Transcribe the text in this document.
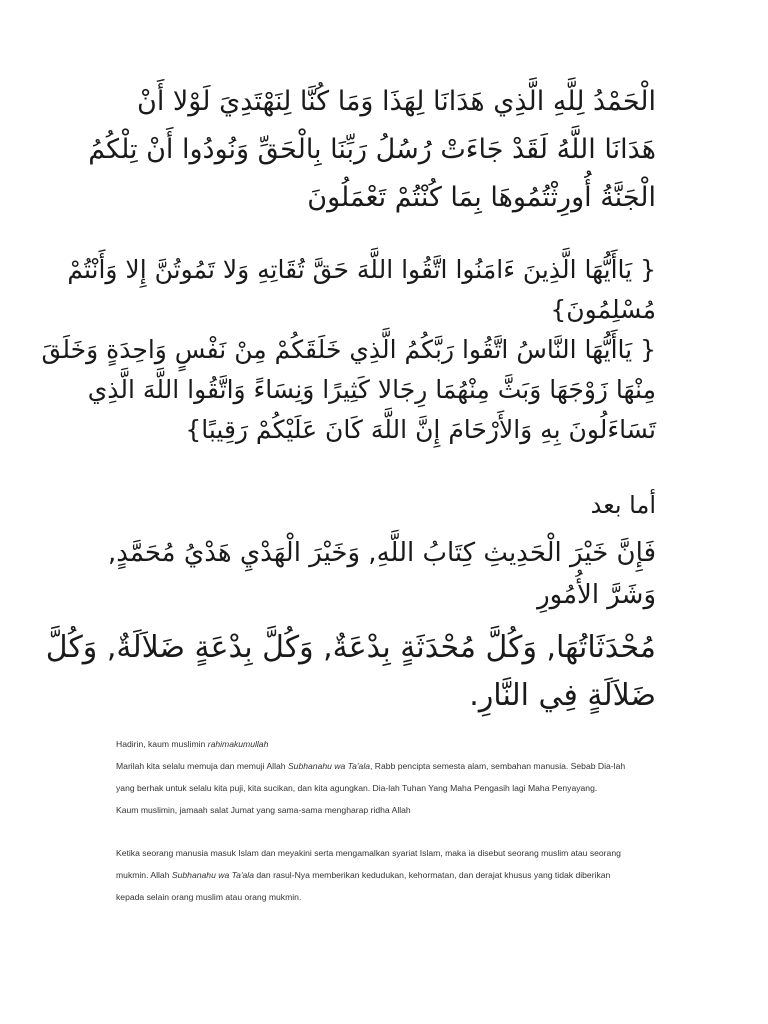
الْحَمْدُ لِلَّهِ الَّذِي هَدَانَا لِهَذَا وَمَا كُنَّا لِنَهْتَدِيَ لَوْلا أَنْ
هَدَانَا اللَّهُ لَقَدْ جَاءَتْ رُسُلُ رَبِّنَا بِالْحَقِّ وَنُودُوا أَنْ تِلْكُمُ
الْجَنَّةُ أُورِثْتُمُوهَا بِمَا كُنْتُمْ تَعْمَلُونَ
{ يَاأَيُّهَا الَّذِينَ ءَامَنُوا اتَّقُوا اللَّهَ حَقَّ تُقَاتِهِ وَلا تَمُوتُنَّ إِلا وَأَنْتُمْ
مُسْلِمُونَ}
{ يَاأَيُّهَا النَّاسُ اتَّقُوا رَبَّكُمُ الَّذِي خَلَقَكُمْ مِنْ نَفْسٍ وَاحِدَةٍ وَخَلَقَ
مِنْهَا زَوْجَهَا وَبَثَّ مِنْهُمَا رِجَالا كَثِيرًا وَنِسَاءً وَاتَّقُوا اللَّهَ الَّذِي
تَسَاءَلُونَ بِهِ وَالأَرْحَامَ إِنَّ اللَّهَ كَانَ عَلَيْكُمْ رَقِيبًا}
أما بعد
فَإِنَّ خَيْرَ الْحَدِيثِ كِتَابُ اللَّهِ, وَخَيْرَ الْهَدْيِ هَدْيُ مُحَمَّدٍ,
وَشَرَّ الأُمُورِ
مُحْدَثَاتُهَا, وَكُلَّ مُحْدَثَةٍ بِدْعَةٌ, وَكُلَّ بِدْعَةٍ ضَلاَلَةٌ, وَكُلَّ
ضَلاَلَةٍ فِي النَّارِ.

Hadirin, kaum muslimin rahimakumullah

Marilah kita selalu memuja dan memuji Allah Subhanahu wa Ta'ala, Rabb pencipta semesta alam, sembahan manusia. Sebab Dia-lah

yang berhak untuk selalu kita puji, kita sucikan, dan kita agungkan. Dia-lah Tuhan Yang Maha Pengasih lagi Maha Penyayang.

Kaum muslimin, jamaah salat Jumat yang sama-sama mengharap ridha Allah

Ketika seorang manusia masuk Islam dan meyakini serta mengamalkan syariat Islam, maka ia disebut seorang muslim atau seorang

mukmin. Allah Subhanahu wa Ta'ala dan rasul-Nya memberikan kedudukan, kehormatan, dan derajat khusus yang tidak diberikan

kepada selain orang muslim atau orang mukmin.
